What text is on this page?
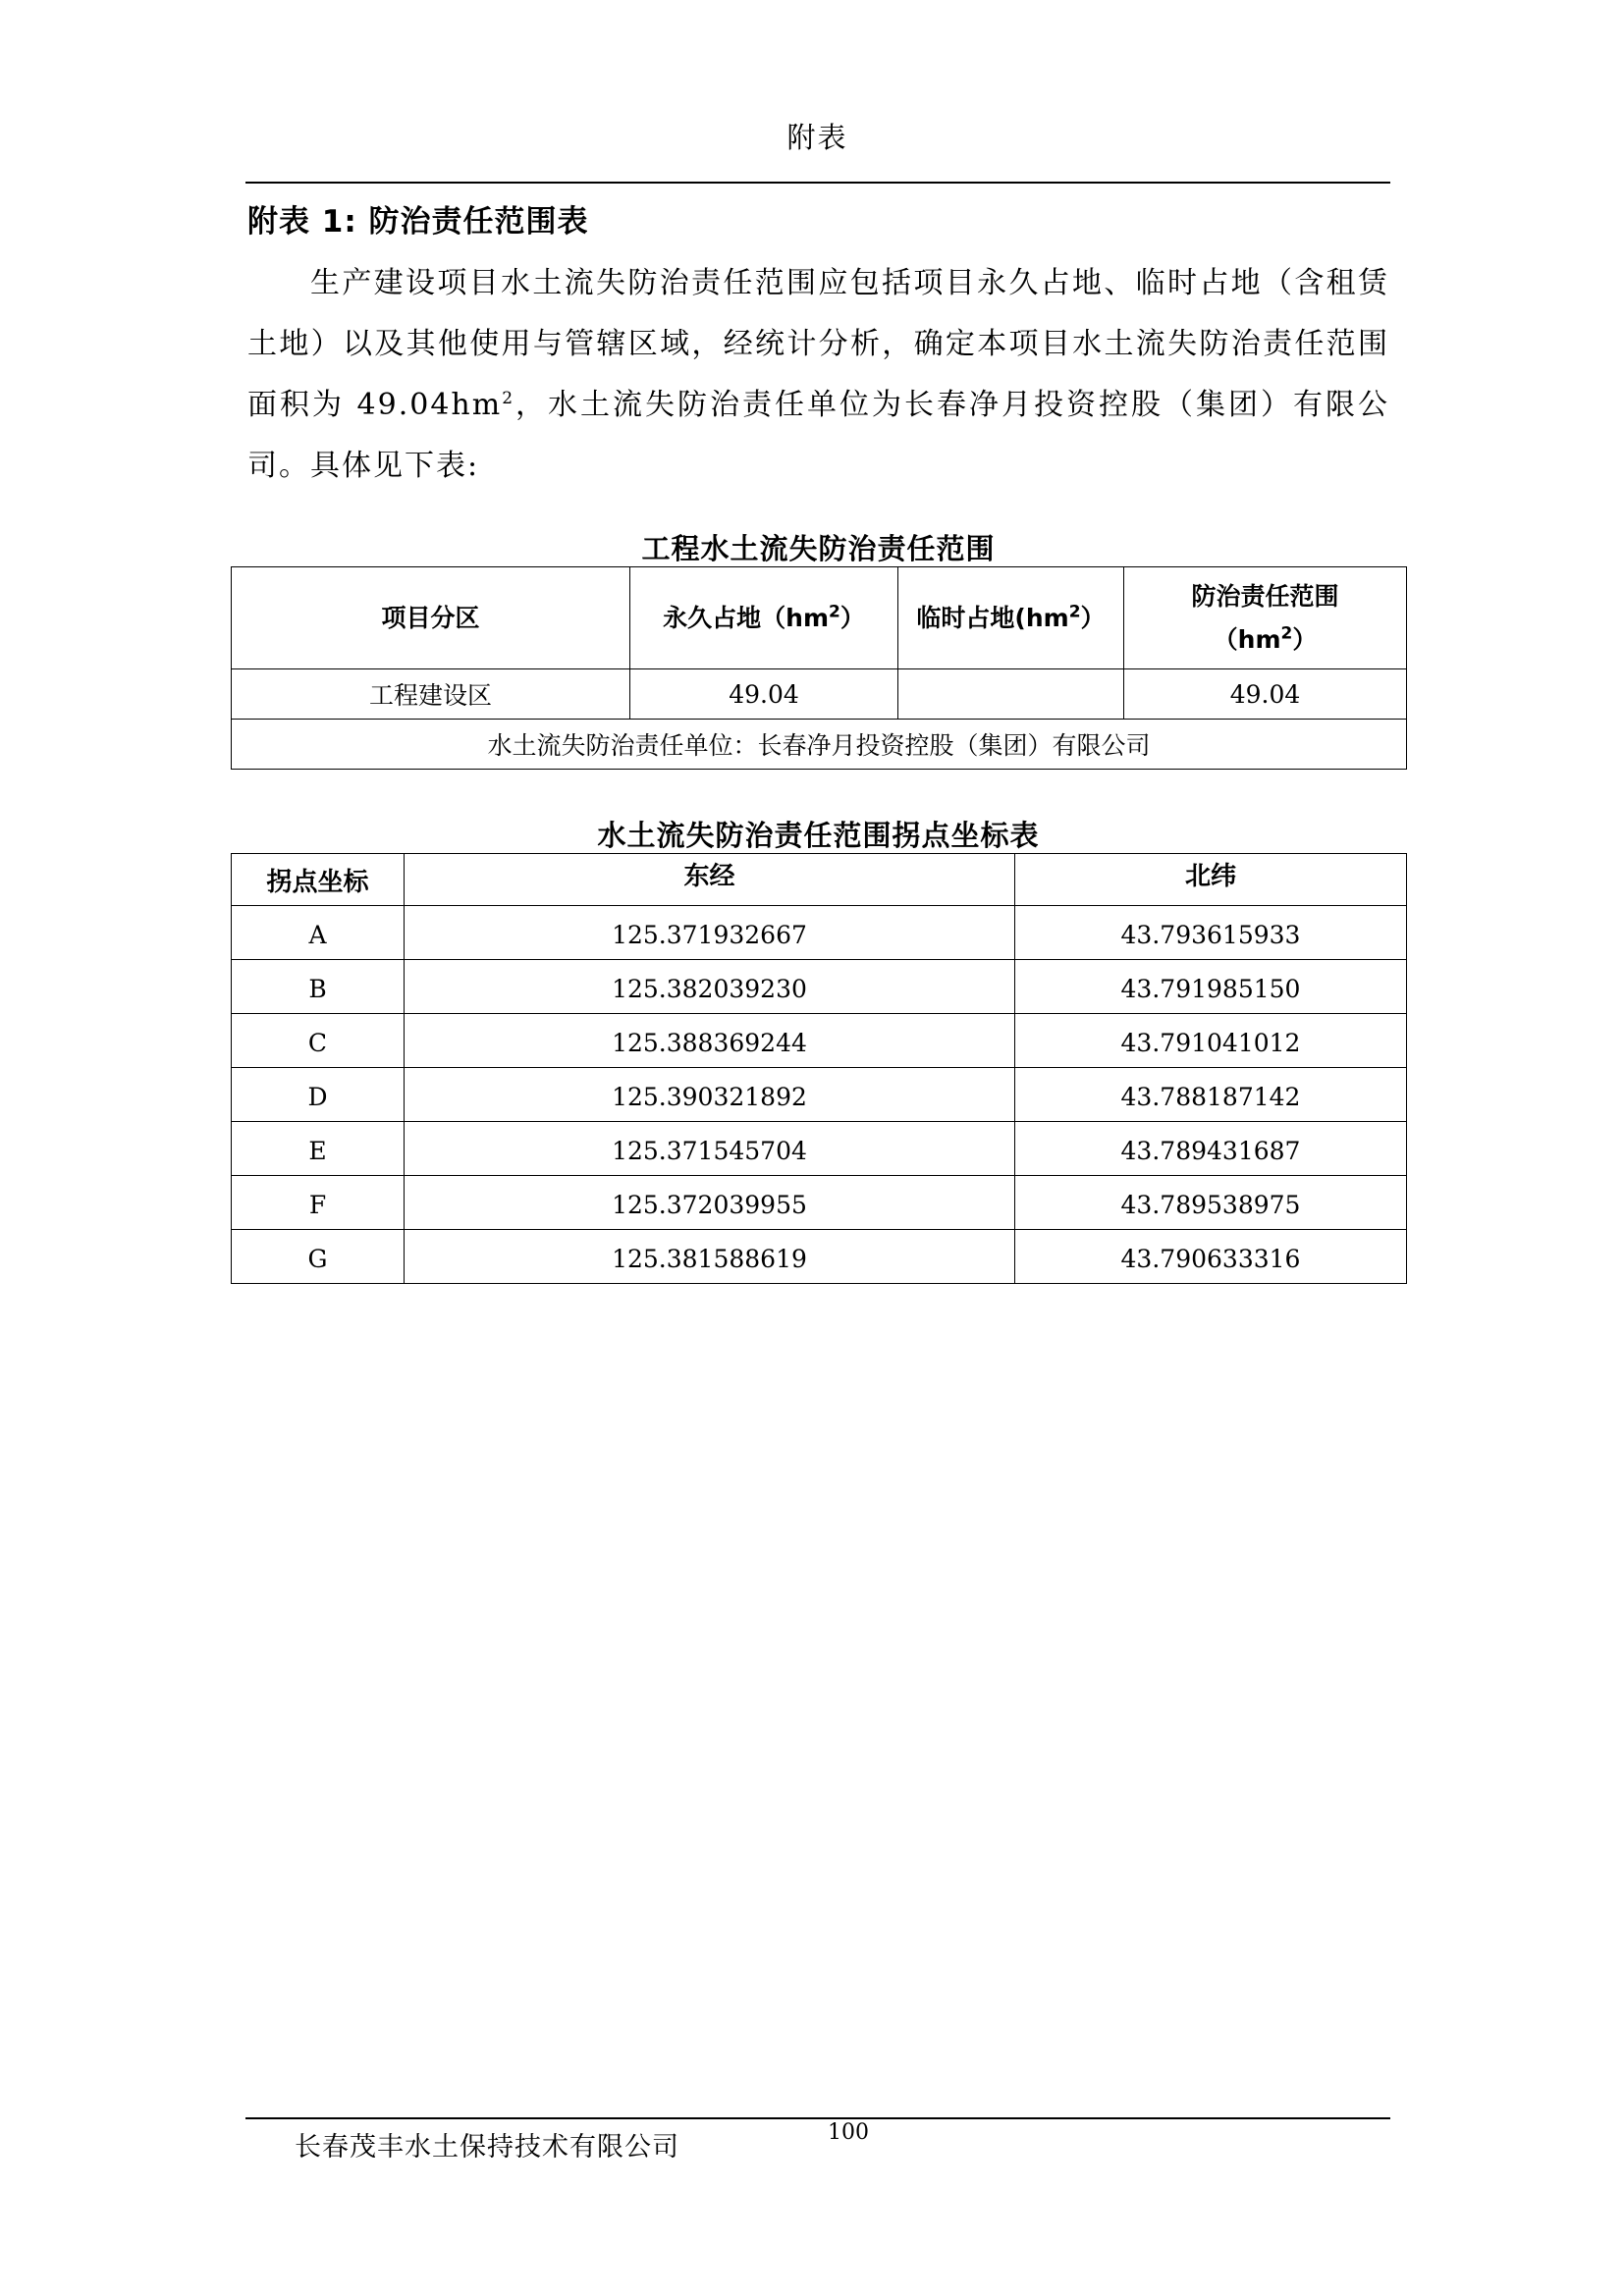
附表
附表 1: 防治责任范围表

生产建设项目水土流失防治责任范围应包括项目永久占地、临时占地（含租赁土地）以及其他使用与管辖区域，经统计分析，确定本项目水土流失防治责任范围面积为 $49.04hm^2$，水土流失防治责任单位为长春净月投资控股（集团）有限公司。具体见下表:

工程水土流失防治责任范围
项目分区	永久占地$(hm^2)$	临时占地$(hm^2)$	防治责任范围
$(hm^2)$
工程建设区	49.04		49.04
水土流失防治责任单位：长春净月投资控股（集团）有限公司			
水土流失防治责任范围拐点坐标表
拐点坐标	东经	北纬
A	125.371932667	43.793615933
B	125.382039230	43.791985150
C	125.388369244	43.791041012
D	125.390321892	43.788187142
E	125.371545704	43.789431687
F	125.372039955	43.789538975
G	125.381588619	43.790633316
长春茂丰水土保持技术有限公司	100
